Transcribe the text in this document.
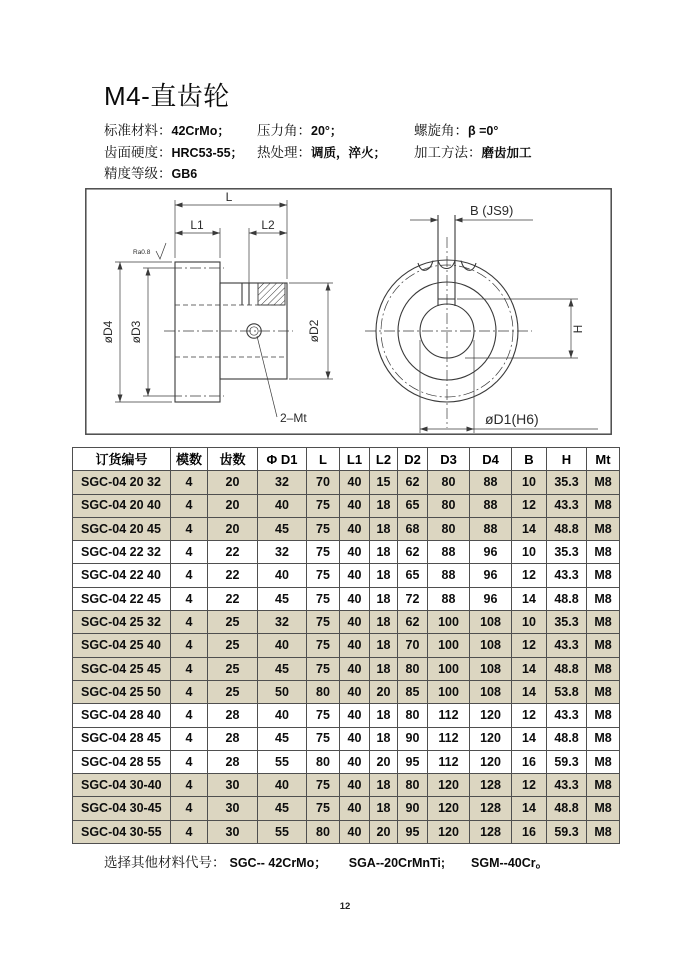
M4-直齿轮
标准材料：42CrMo； 压力角：20°；	螺旋角：β =0°
齿面硬度：HRC53-55； 热处理：调质，淬火； 加工方法：磨齿加工
精度等级：GB6
2–Mt
L
L1	L2
øD4 øD3	øD2
Ra0.8
B (JS9)
H
øD1(H6)
订货编号	模数	齿数	Φ D1	L	L1	L2	D2	D3	D4	B	H	Mt
SGC-04 20 32	4	20	32	70	40	15	62	80	88	10	35.3	M8
SGC-04 20 40	4	20	40	75	40	18	65	80	88	12	43.3	M8
SGC-04 20 45	4	20	45	75	40	18	68	80	88	14	48.8	M8
SGC-04 22 32	4	22	32	75	40	18	62	88	96	10	35.3	M8
SGC-04 22 40	4	22	40	75	40	18	65	88	96	12	43.3	M8
SGC-04 22 45	4	22	45	75	40	18	72	88	96	14	48.8	M8
SGC-04 25 32	4	25	32	75	40	18	62	100	108	10	35.3	M8
SGC-04 25 40	4	25	40	75	40	18	70	100	108	12	43.3	M8
SGC-04 25 45	4	25	45	75	40	18	80	100	108	14	48.8	M8
SGC-04 25 50	4	25	50	80	40	20	85	100	108	14	53.8	M8
SGC-04 28 40	4	28	40	75	40	18	80	112	120	12	43.3	M8
SGC-04 28 45	4	28	45	75	40	18	90	112	120	14	48.8	M8
SGC-04 28 55	4	28	55	80	40	20	95	112	120	16	59.3	M8
SGC-04 30-40	4	30	40	75	40	18	80	120	128	12	43.3	M8
SGC-04 30-45	4	30	45	75	40	18	90	120	128	14	48.8	M8
SGC-04 30-55	4	30	55	80	40	20	95	120	128	16	59.3	M8
选择其他材料代号： SGC-- 42CrMo； SGA--20CrMnTi; SGM--40Cr。
12
